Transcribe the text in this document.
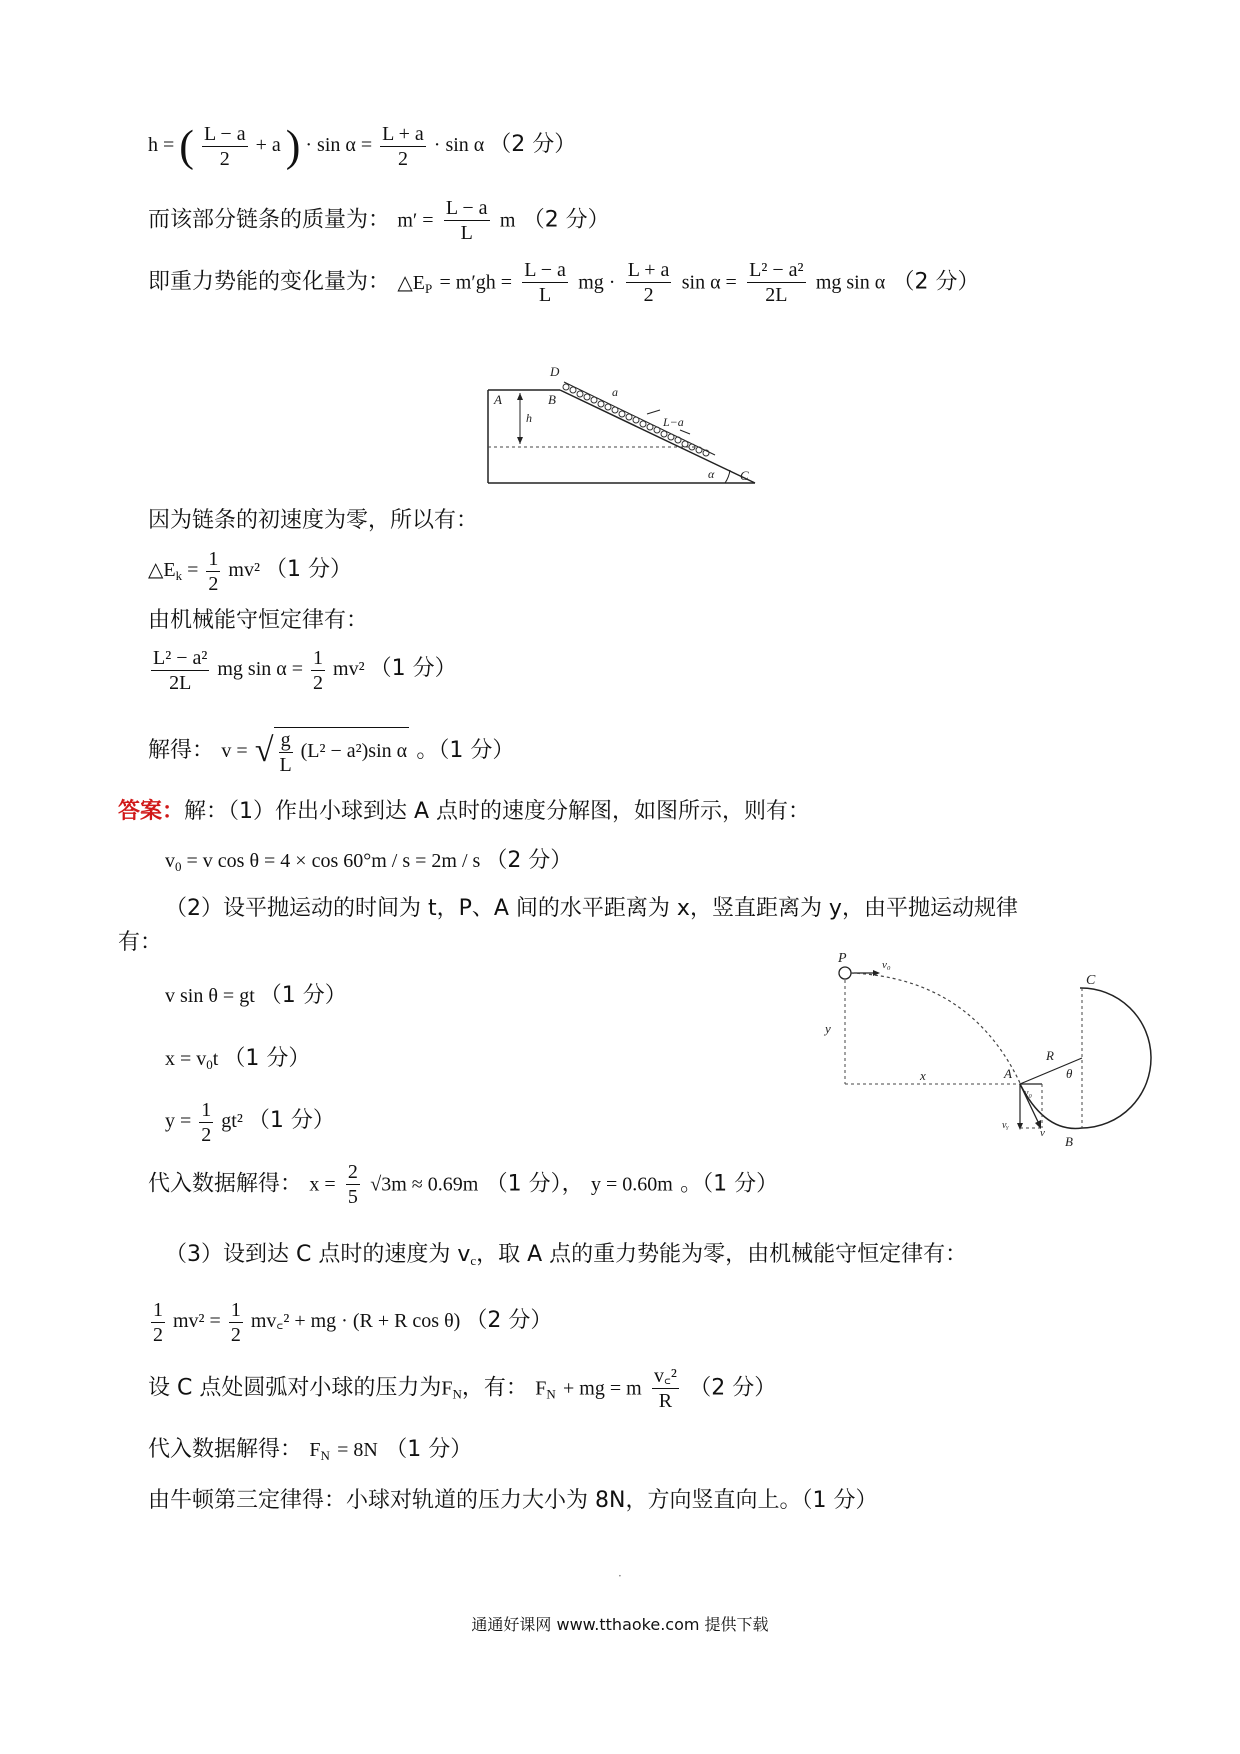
h = ( $\frac{L - a}{2} + a$ ) · $\sin \alpha = \frac{L + a}{2} \cdot \sin \alpha$ （2 分）
而该部分链条的质量为： $m' = \frac{L - a}{L}$ m （2 分）
即重力势能的变化量为： $\triangle E_P = m'gh = \frac{L - a}{L}$ mg · $\frac{L + a}{2}$ $\sin \alpha = \frac{\text{L² − a²}}{2L}$ mg sin α （2 分）
A	B
C
D
h
a
L−a
α
因为链条的初速度为零，所以有：
$\triangle E_k = \frac{1}{2} mv^2$ （1 分）
由机械能守恒定律有：
$\frac{\text{L² − a²}}{2L}$ mg $\sin \alpha = \frac{1}{2} mv^2$ （1 分）
解得： v = √ $\frac{g}{L} (L^2 - a^2)\sin$ α 。（1 分）
答案：解：（1）作出小球到达 A 点时的速度分解图，如图所示，则有：
$v_0 = v$ cos θ = 4 × cos 60°m / s = 2m / s （2 分）
（2）设平抛运动的时间为 t，P、A 间的水平距离为 x，竖直距离为 y，由平抛运动规律
有：
v sin θ = gt （1 分）
$x = v_0t$ （1 分）
$y = \frac{1}{2} gt^2$ （1 分）
P	v₀
C
y
x	A
R
θ
v₀
vᵧ
v
B
代入数据解得： $x = \frac{2}{5} √3m \approx 0.69m$ （1 分）， y = 0.60m 。（1 分）
（3）设到达 C 点时的速度为 $v_c$，取 A 点的重力势能为零，由机械能守恒定律有：
$\frac{1}{2} mv^2 = \frac{1}{2}$ mv꜀² + mg · (R + R cos θ) （2 分）
设 C 点处圆弧对小球的压力为$F_N$，有： $F_N$ + mg = m $\frac{\text{v꜀²}}{R} (2$ 分）
代入数据解得： $F_N = 8N$ （1 分）
由牛顿第三定律得：小球对轨道的压力大小为 8N，方向竖直向上。（1 分）
·
通通好课网 www.tthaoke.com 提供下载
